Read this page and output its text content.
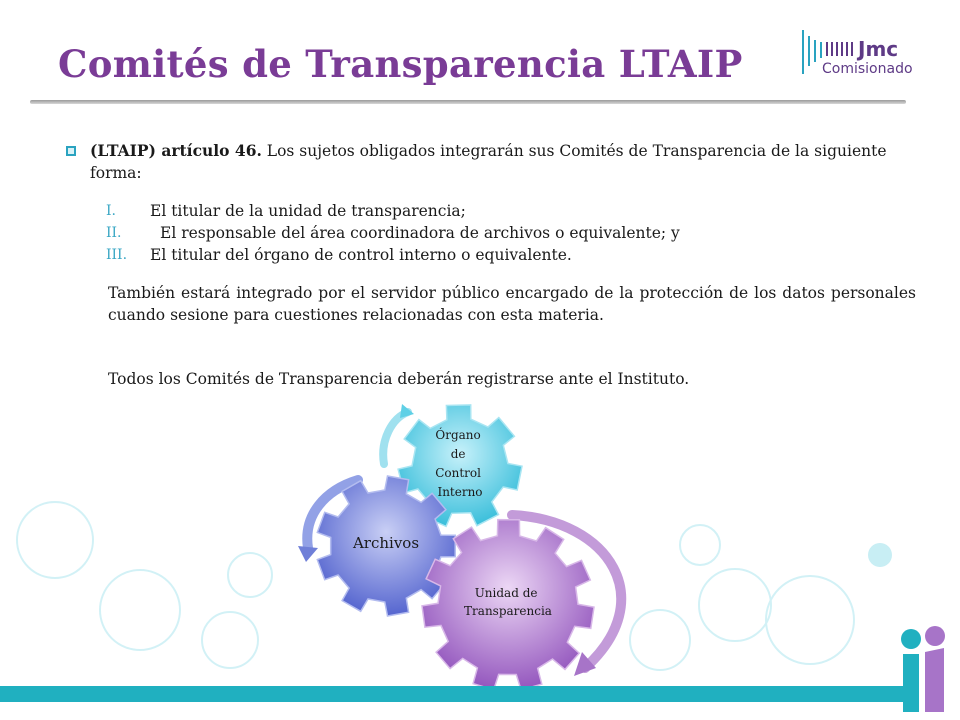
Comités de Transparencia LTAIP	Jmc
Comisionado
(LTAIP) artículo 46. Los sujetos obligados integrarán sus Comités de Transparencia de la siguiente forma:
I.	El titular de la unidad de transparencia;
II.	El responsable del área coordinadora de archivos o equivalente; y
III.	El titular del órgano de control interno o equivalente.

También estará integrado por el servidor público encargado de la protección de los datos personales cuando sesione para cuestiones relacionadas con esta materia.

Todos los Comités de Transparencia deberán registrarse ante el Instituto.

Órgano de Control Interno
Archivos
Unidad de Transparencia
